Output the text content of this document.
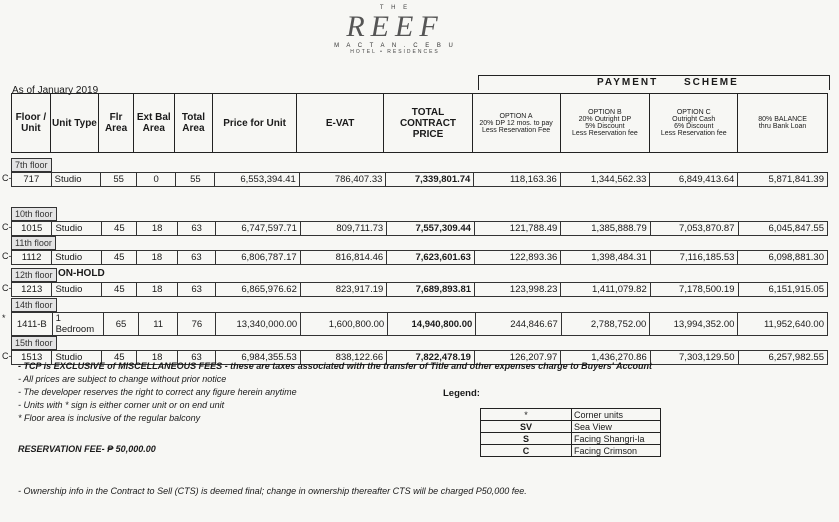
T H E
REEF
M A C T A N . C E B U
HOTEL • RESIDENCES
As of January 2019
PAYMENT	SCHEME
Floor / Unit	Unit Type	Flr Area	Ext Bal Area	Total Area	Price for Unit	E-VAT	TOTAL CONTRACT PRICE	OPTION A
20% DP 12 mos. to pay
Less Reservation Fee	OPTION B
20% Outright DP
5% Discount
Less Reservation fee	OPTION C
Outright Cash
6% Discount
Less Reservation fee	80% BALANCE
thru Bank Loan
7th floor
C- 717	Studio	55	0	55	6,553,394.41	786,407.33	7,339,801.74	118,163.36	1,344,562.33	6,849,413.64	5,871,841.39
10th floor
C- 1015	Studio	45	18	63	6,747,597.71	809,711.73	7,557,309.44	121,788.49	1,385,888.79	7,053,870.87	6,045,847.55
11th floor
C- 1112	Studio	45	18	63	6,806,787.17	816,814.46	7,623,601.63	122,893.36	1,398,484.31	7,116,185.53	6,098,881.30
12th floor ON-HOLD
C- 1213	Studio	45	18	63	6,865,976.62	823,917.19	7,689,893.81	123,998.23	1,411,079.82	7,178,500.19	6,151,915.05
14th floor
*
1411-B	1 Bedroom	65	11	76	13,340,000.00	1,600,800.00	14,940,800.00	244,846.67	2,788,752.00	13,994,352.00	11,952,640.00
15th floor
C- 1513	Studio	45	18	63	6,984,355.53	838,122.66	7,822,478.19	126,207.97	1,436,270.86	7,303,129.50	6,257,982.55
- TCP is EXCLUSIVE of MISCELLANEOUS FEES - these are taxes associated with the transfer of Title and other expenses charge to Buyers' Account
- All prices are subject to change without prior notice
- The developer reserves the right to correct any figure herein anytime
- Units with * sign is either corner unit or on end unit
* Floor area is inclusive of the regular balcony
Legend:
*	Corner units
SV	Sea View
S	Facing Shangri-la
C	Facing Crimson
RESERVATION FEE- ₱ 50,000.00
- Ownership info in the Contract to Sell (CTS) is deemed final; change in ownership thereafter CTS will be charged P50,000 fee.
